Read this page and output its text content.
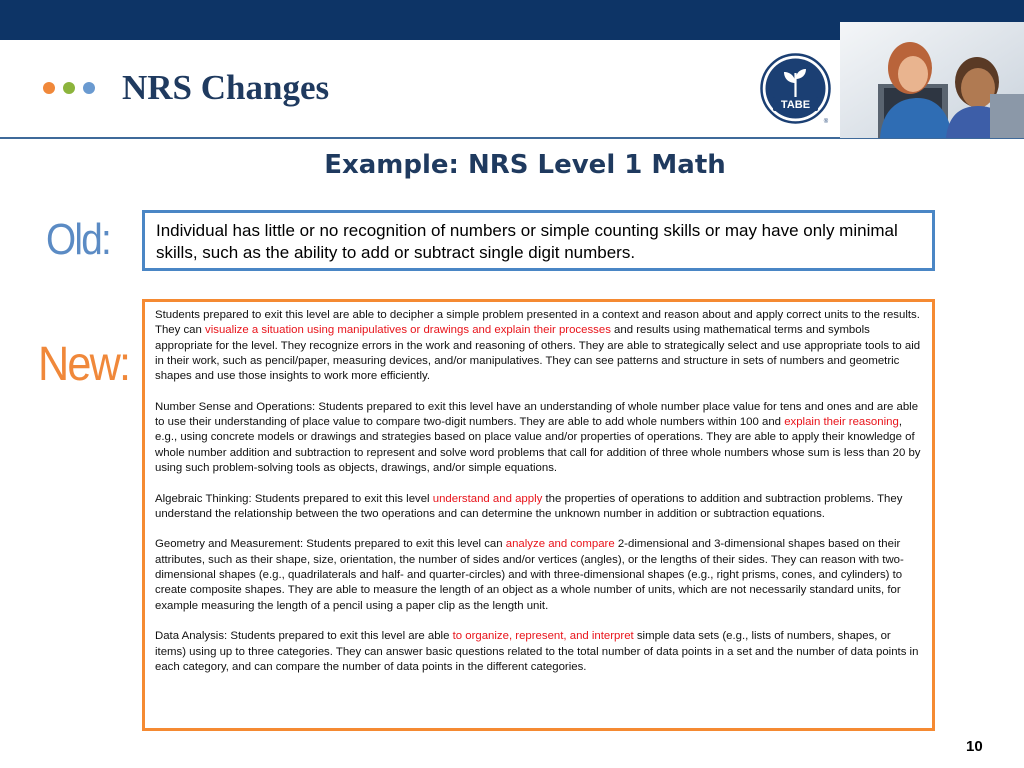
NRS Changes	TABE
®
Example: NRS Level 1 Math
Old:
New:
Individual has little or no recognition of numbers or simple counting skills or may have only minimal skills, such as the ability to add or subtract single digit numbers.

Students prepared to exit this level are able to decipher a simple problem presented in a context and reason about and apply correct units to the results. They can visualize a situation using manipulatives or drawings and explain their processes and results using mathematical terms and symbols appropriate for the level. They recognize errors in the work and reasoning of others. They are able to strategically select and use appropriate tools to aid in their work, such as pencil/paper, measuring devices, and/or manipulatives. They can see patterns and structure in sets of numbers and geometric shapes and use those insights to work more efficiently.

Number Sense and Operations: Students prepared to exit this level have an understanding of whole number place value for tens and ones and are able to use their understanding of place value to compare two-digit numbers. They are able to add whole numbers within 100 and explain their reasoning, e.g., using concrete models or drawings and strategies based on place value and/or properties of operations. They are able to apply their knowledge of whole number addition and subtraction to represent and solve word problems that call for addition of three whole numbers whose sum is less than 20 by using such problem-solving tools as objects, drawings, and/or simple equations.

Algebraic Thinking: Students prepared to exit this level understand and apply the properties of operations to addition and subtraction problems. They understand the relationship between the two operations and can determine the unknown number in addition or subtraction equations.

Geometry and Measurement: Students prepared to exit this level can analyze and compare 2-dimensional and 3-dimensional shapes based on their attributes, such as their shape, size, orientation, the number of sides and/or vertices (angles), or the lengths of their sides. They can reason with two-dimensional shapes (e.g., quadrilaterals and half- and quarter-circles) and with three-dimensional shapes (e.g., right prisms, cones, and cylinders) to create composite shapes. They are able to measure the length of an object as a whole number of units, which are not necessarily standard units, for example measuring the length of a pencil using a paper clip as the length unit.

Data Analysis: Students prepared to exit this level are able to organize, represent, and interpret simple data sets (e.g., lists of numbers, shapes, or items) using up to three categories. They can answer basic questions related to the total number of data points in a set and the number of data points in each category, and can compare the number of data points in the different categories.

10
